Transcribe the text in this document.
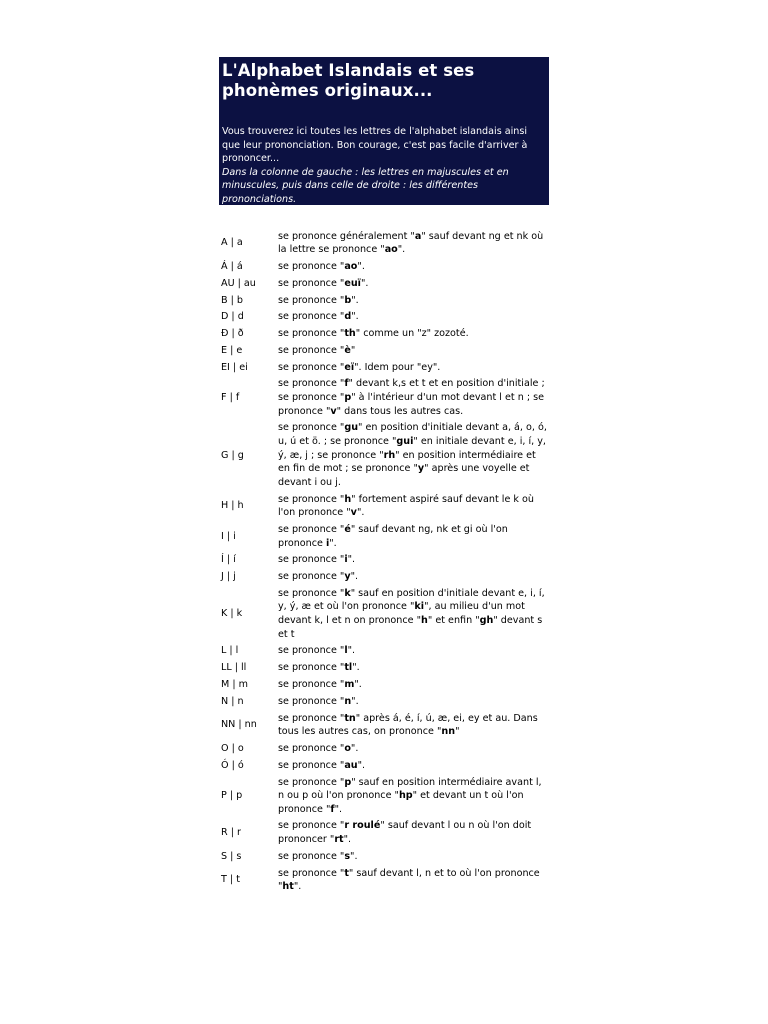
L'Alphabet Islandais et ses phonèmes originaux...
Vous trouverez ici toutes les lettres de l'alphabet islandais ainsi que leur prononciation. Bon courage, c'est pas facile d'arriver à prononcer...
Dans la colonne de gauche : les lettres en majuscules et en minuscules, puis dans celle de droite : les différentes prononciations.
A | a	se prononce généralement "a" sauf devant ng et nk où la lettre se prononce "ao".
Á | á	se prononce "ao".
AU | au	se prononce "euï".
B | b	se prononce "b".
D | d	se prononce "d".
Ð | ð	se prononce "th" comme un "z" zozoté.
E | e	se prononce "è"
EI | ei	se prononce "eï". Idem pour "ey".
F | f	se prononce "f" devant k,s et t et en position d'initiale ; se prononce "p" à l'intérieur d'un mot devant l et n ; se prononce "v" dans tous les autres cas.
G | g	se prononce "gu" en position d'initiale devant a, á, o, ó, u, ú et ö. ; se prononce "gui" en initiale devant e, i, í, y, ý, æ, j ; se prononce "rh" en position intermédiaire et en fin de mot ; se prononce "y" après une voyelle et devant i ou j.
H | h	se prononce "h" fortement aspiré sauf devant le k où l'on prononce "v".
I | i	se prononce "é" sauf devant ng, nk et gi où l'on prononce i".
Í | í	se prononce "i".
J | j	se prononce "y".
K | k	se prononce "k" sauf en position d'initiale devant e, i, í, y, ý, æ et où l'on prononce "ki", au milieu d'un mot devant k, l et n on prononce "h" et enfin "gh" devant s et t
L | l	se prononce "l".
LL | ll	se prononce "tl".
M | m	se prononce "m".
N | n	se prononce "n".
NN | nn	se prononce "tn" après á, é, í, ú, æ, ei, ey et au. Dans tous les autres cas, on prononce "nn"
O | o	se prononce "o".
Ó | ó	se prononce "au".
P | p	se prononce "p" sauf en position intermédiaire avant l, n ou p où l'on prononce "hp" et devant un t où l'on prononce "f".
R | r	se prononce "r roulé" sauf devant l ou n où l'on doit prononcer "rt".
S | s	se prononce "s".
T | t	se prononce "t" sauf devant l, n et to où l'on prononce "ht".
